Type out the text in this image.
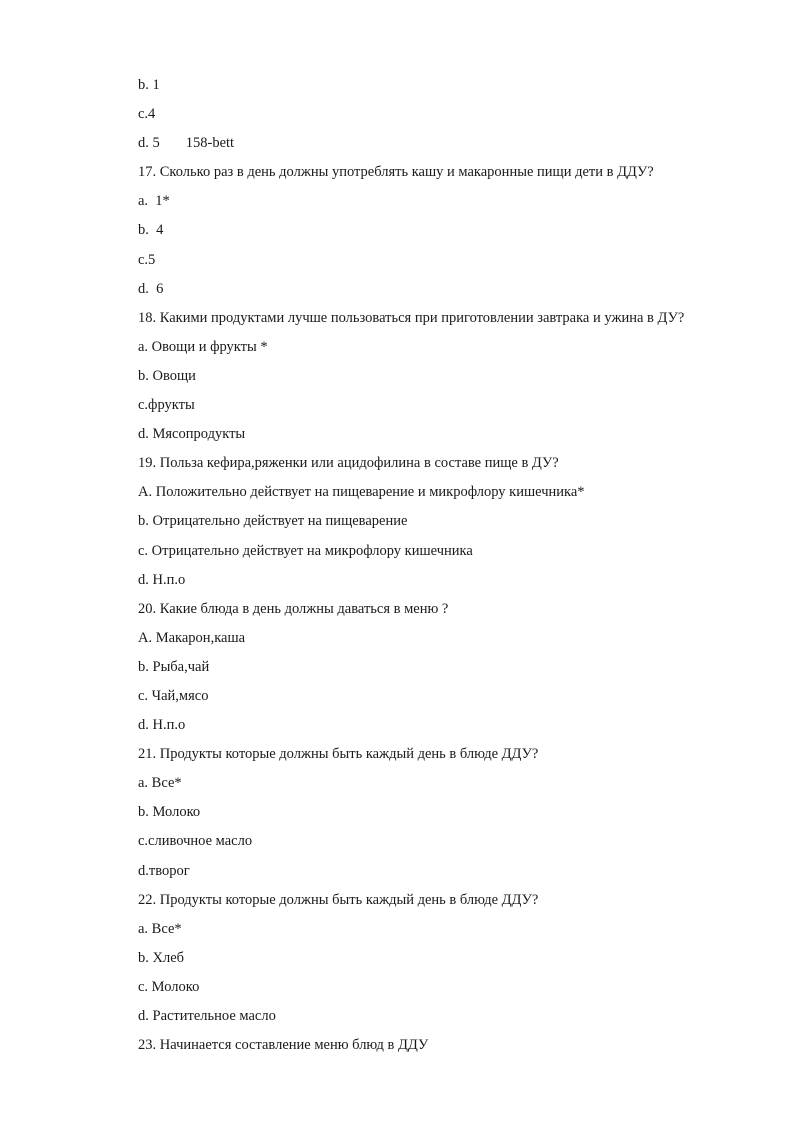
b. 1
c.4
d. 5 158-bett
17. Сколько раз в день должны употреблять кашу и макаронные пищи дети в ДДУ?
a.  1*
b.  4
c.5
d.  6
18. Какими продуктами лучше пользоваться при приготовлении завтрака и ужина в ДУ?
a. Овощи и фрукты *
b. Овощи
c.фрукты
d. Мясопродукты
19. Польза кефира,ряженки или ацидофилина в составе пище в ДУ?
A. Положительно действует на пищеварение и микрофлору кишечника*
b. Отрицательно действует на пищеварение
c. Отрицательно действует на микрофлору кишечника
d. Н.п.о
20. Какие блюда в день должны даваться в меню ?
A. Макарон,каша
b. Рыба,чай
c. Чай,мясо
d. Н.п.о
21. Продукты которые должны быть каждый день в блюде ДДУ?
a. Все*
b. Молоко
c.сливочное масло
d.творог
22. Продукты которые должны быть каждый день в блюде ДДУ?
a. Все*
b. Хлеб
c. Молоко
d. Растительное масло
23. Начинается составление меню блюд в ДДУ
